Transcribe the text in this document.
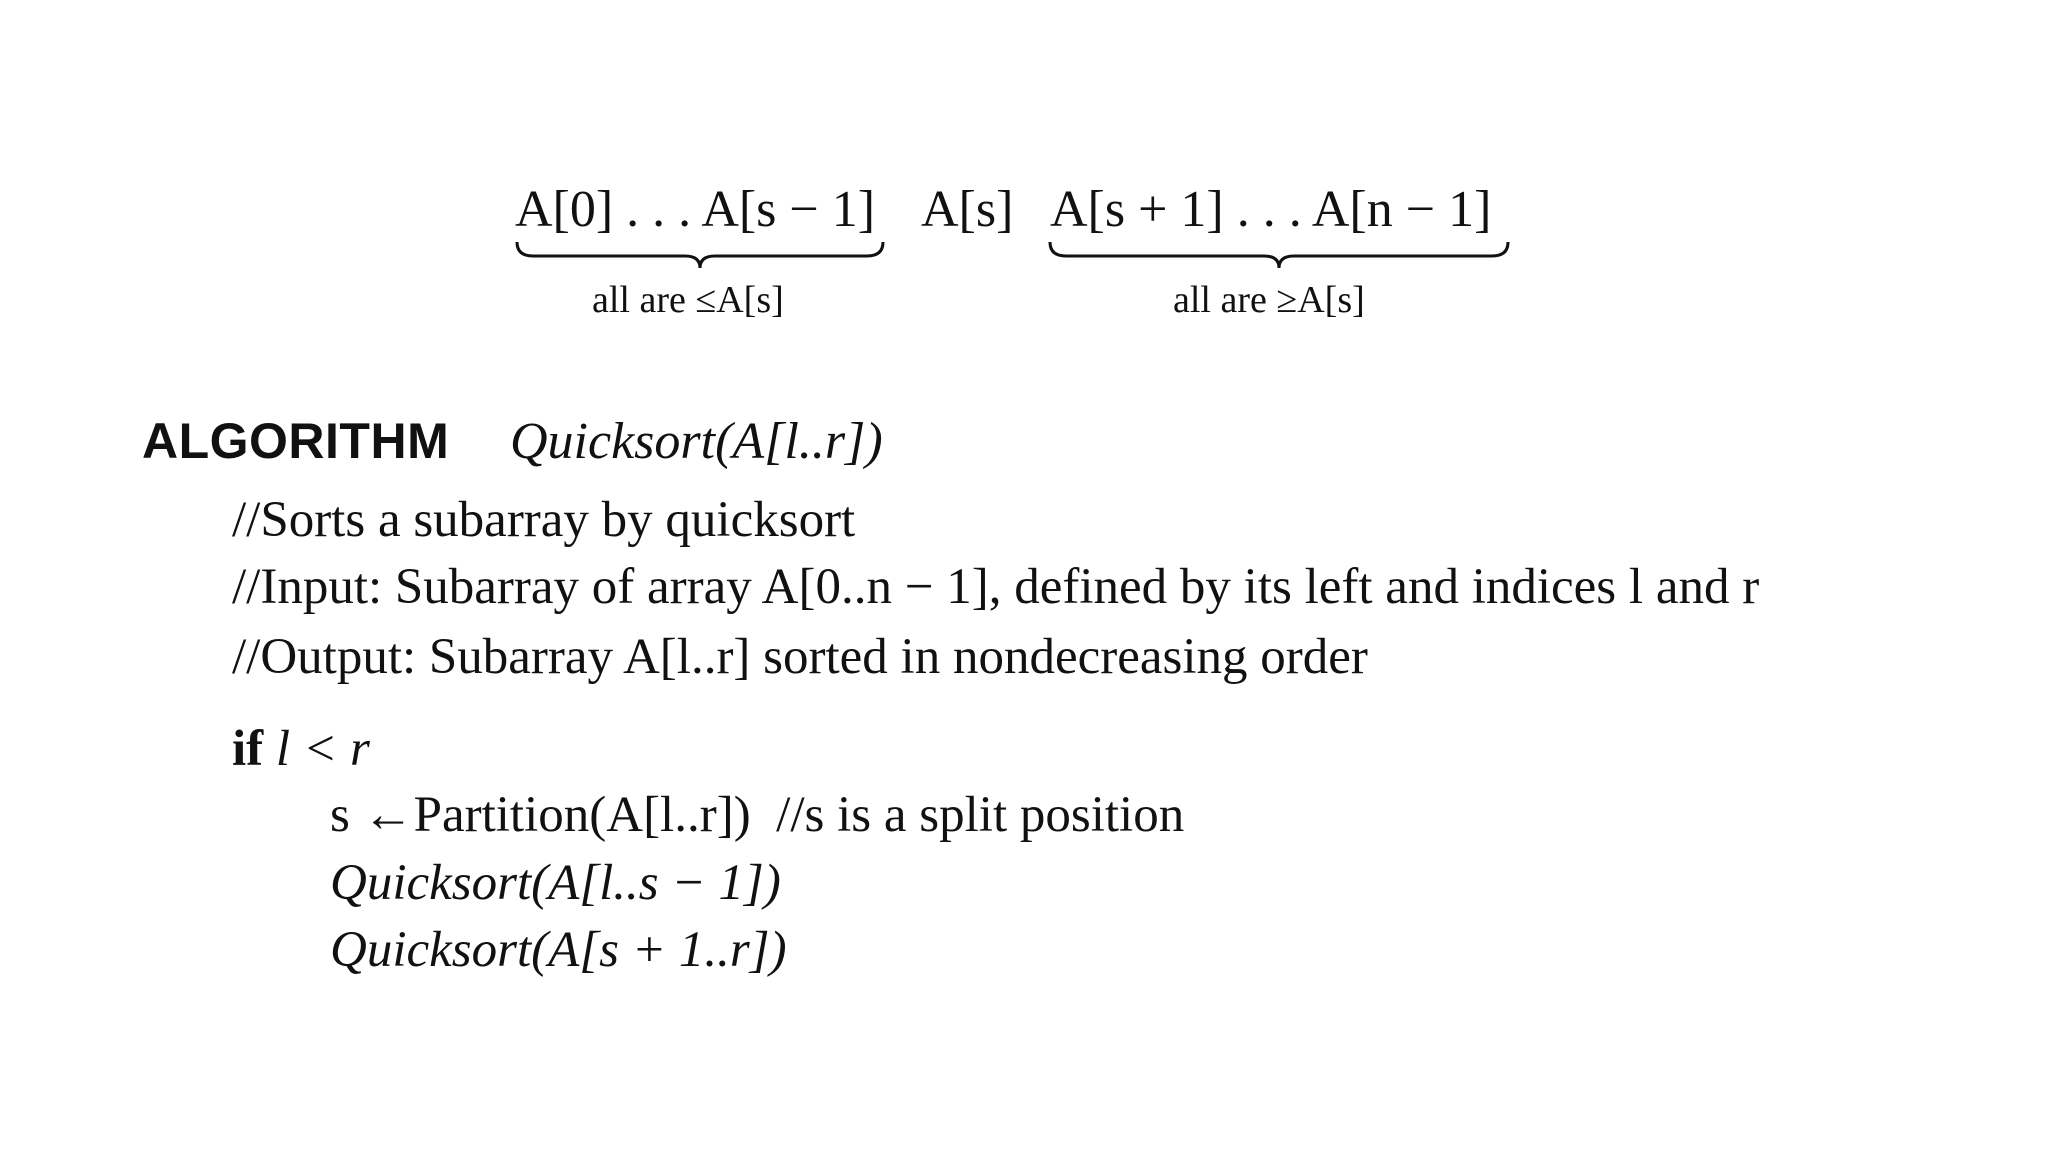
A[0] . . . A[s − 1] A[s] A[s + 1] . . . A[n − 1]
all are ≤A[s]	all are ≥A[s]
ALGORITHM Quicksort(A[l..r])
//Sorts a subarray by quicksort
//Input: Subarray of array A[0..n − 1], defined by its left and indices l and r
//Output: Subarray A[l..r] sorted in nondecreasing order
if l < r
s ←Partition(A[l..r])  //s is a split position
Quicksort(A[l..s − 1])
Quicksort(A[s + 1..r])
